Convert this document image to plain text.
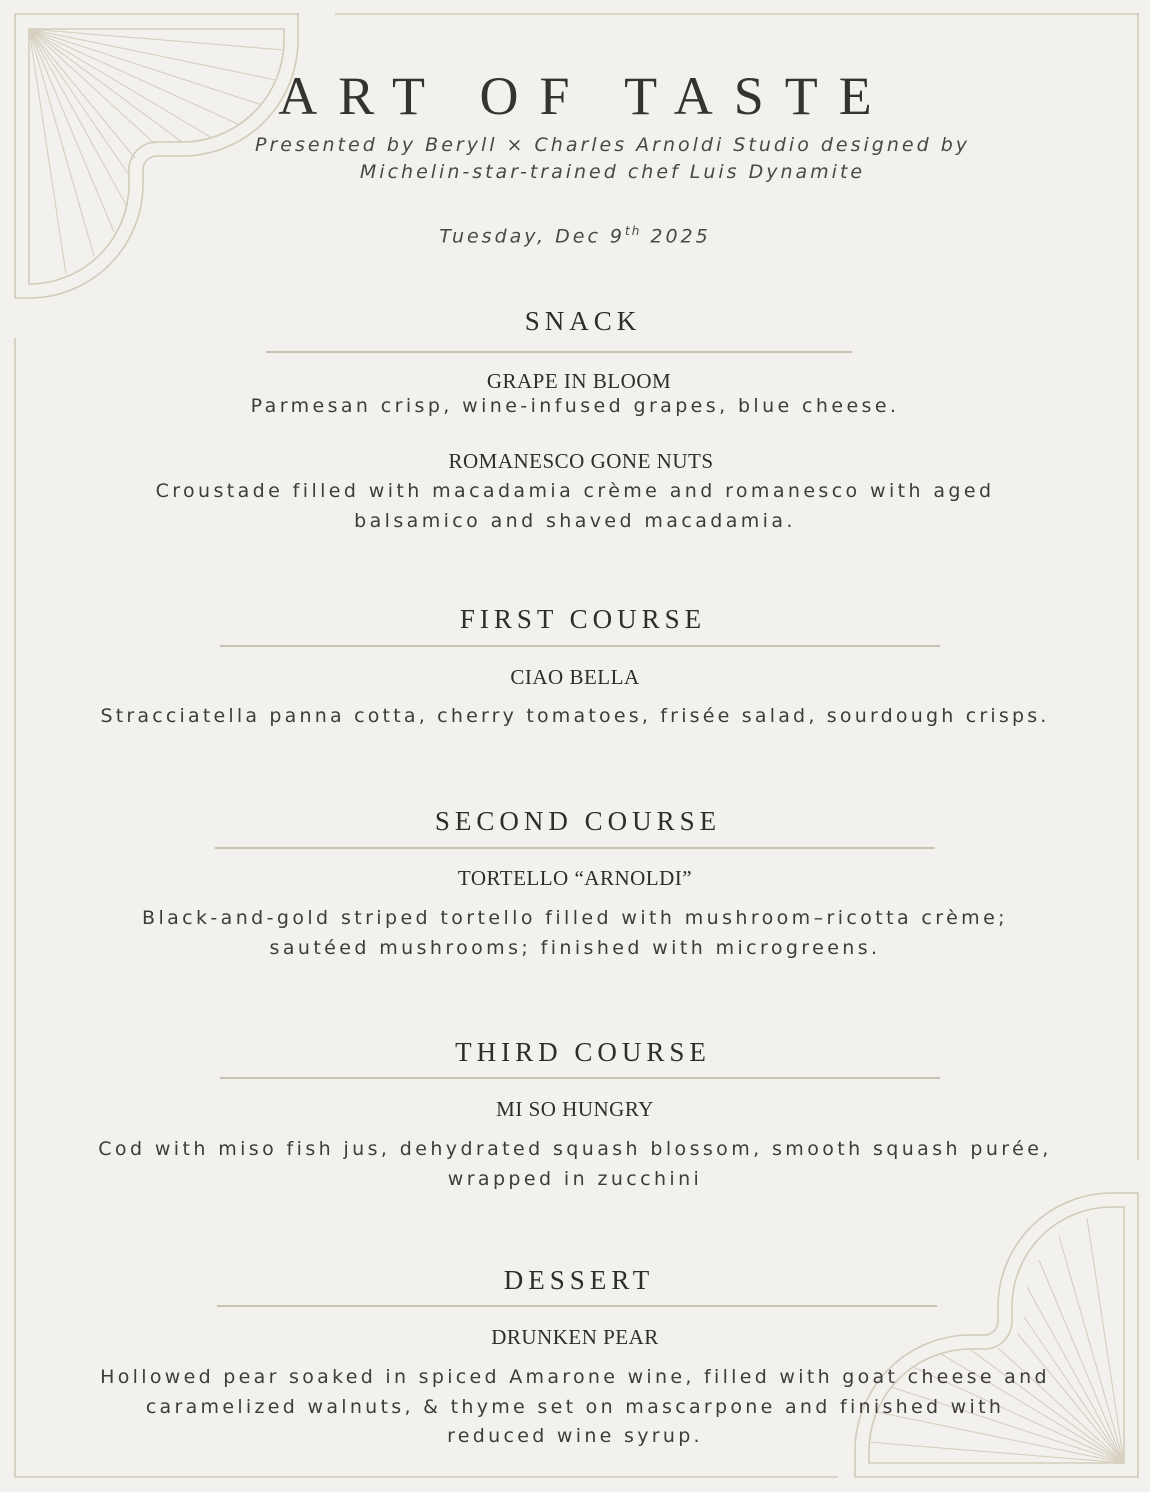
ART OF TASTE
Presented by Beryll × Charles Arnoldi Studio designed by
Michelin-star-trained chef Luis Dynamite
Tuesday, Dec 9th 2025
SNACK
GRAPE IN BLOOM
Parmesan crisp, wine-infused grapes, blue cheese.
ROMANESCO GONE NUTS
Croustade filled with macadamia crème and romanesco with aged
balsamico and shaved macadamia.
FIRST COURSE
CIAO BELLA
Stracciatella panna cotta, cherry tomatoes, frisée salad, sourdough crisps.
SECOND COURSE
TORTELLO “ARNOLDI”
Black-and-gold striped tortello filled with mushroom–ricotta crème;
sautéed mushrooms; finished with microgreens.
THIRD COURSE
MI SO HUNGRY
Cod with miso fish jus, dehydrated squash blossom, smooth squash purée,
wrapped in zucchini
DESSERT
DRUNKEN PEAR
Hollowed pear soaked in spiced Amarone wine, filled with goat cheese and
caramelized walnuts, & thyme set on mascarpone and finished with
reduced wine syrup.
